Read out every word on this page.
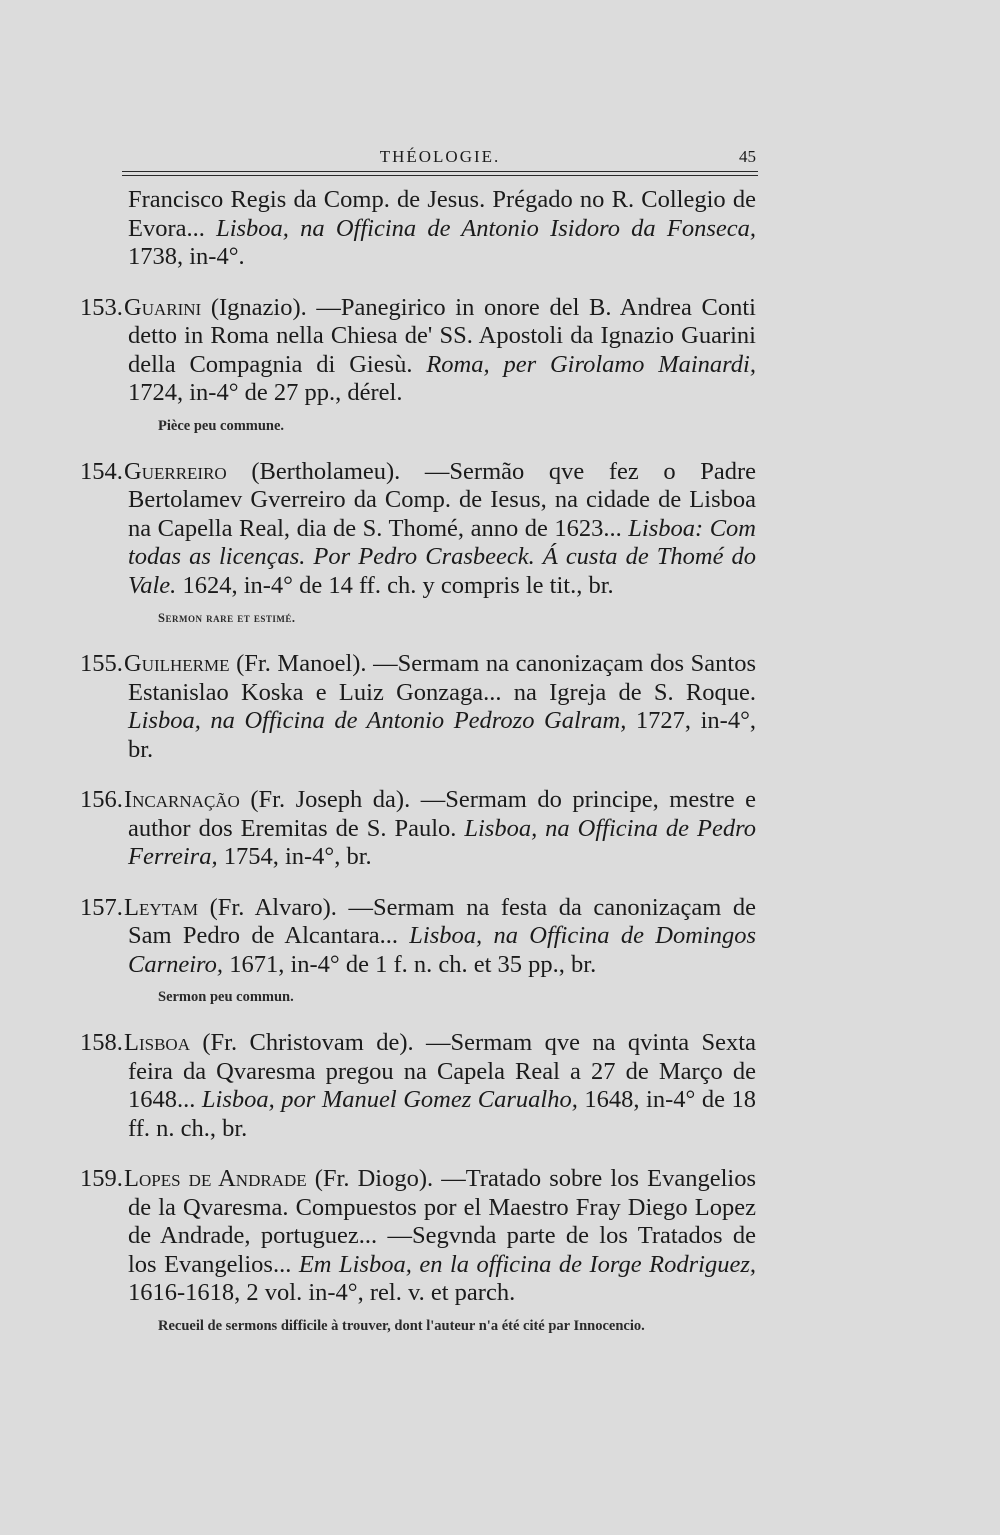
THÉOLOGIE.	45

Francisco Regis da Comp. de Jesus. Prégado no R. Collegio de Evora... Lisboa, na Officina de Antonio Isidoro da Fonseca, 1738, in-4°.

153.Guarini (Ignazio). —Panegirico in onore del B. Andrea Conti detto in Roma nella Chiesa de' SS. Apostoli da Ignazio Guarini della Compagnia di Giesù. Roma, per Girolamo Mainardi, 1724, in-4° de 27 pp., dérel.

Pièce peu commune.

154.Guerreiro (Bertholameu). —Sermão qve fez o Padre Bertolamev Gverreiro da Comp. de Iesus, na cidade de Lisboa na Capella Real, dia de S. Thomé, anno de 1623... Lisboa: Com todas as licenças. Por Pedro Crasbeeck. Á custa de Thomé do Vale. 1624, in-4° de 14 ff. ch. y compris le tit., br.

Sermon rare et estimé.

155.Guilherme (Fr. Manoel). —Sermam na canonizaçam dos Santos Estanislao Koska e Luiz Gonzaga... na Igreja de S. Roque. Lisboa, na Officina de Antonio Pedrozo Galram, 1727, in-4°, br.

156.Incarnação (Fr. Joseph da). —Sermam do principe, mestre e author dos Eremitas de S. Paulo. Lisboa, na Officina de Pedro Ferreira, 1754, in-4°, br.

157.Leytam (Fr. Alvaro). —Sermam na festa da canonizaçam de Sam Pedro de Alcantara... Lisboa, na Officina de Domingos Carneiro, 1671, in-4° de 1 f. n. ch. et 35 pp., br.

Sermon peu commun.

158.Lisboa (Fr. Christovam de). —Sermam qve na qvinta Sexta feira da Qvaresma pregou na Capela Real a 27 de Março de 1648... Lisboa, por Manuel Gomez Carualho, 1648, in-4° de 18 ff. n. ch., br.

159.Lopes de Andrade (Fr. Diogo). —Tratado sobre los Evangelios de la Qvaresma. Compuestos por el Maestro Fray Diego Lopez de Andrade, portuguez... —Segvnda parte de los Tratados de los Evangelios... Em Lisboa, en la officina de Iorge Rodriguez, 1616-1618, 2 vol. in-4°, rel. v. et parch.

Recueil de sermons difficile à trouver, dont l'auteur n'a été cité par Innocencio.
